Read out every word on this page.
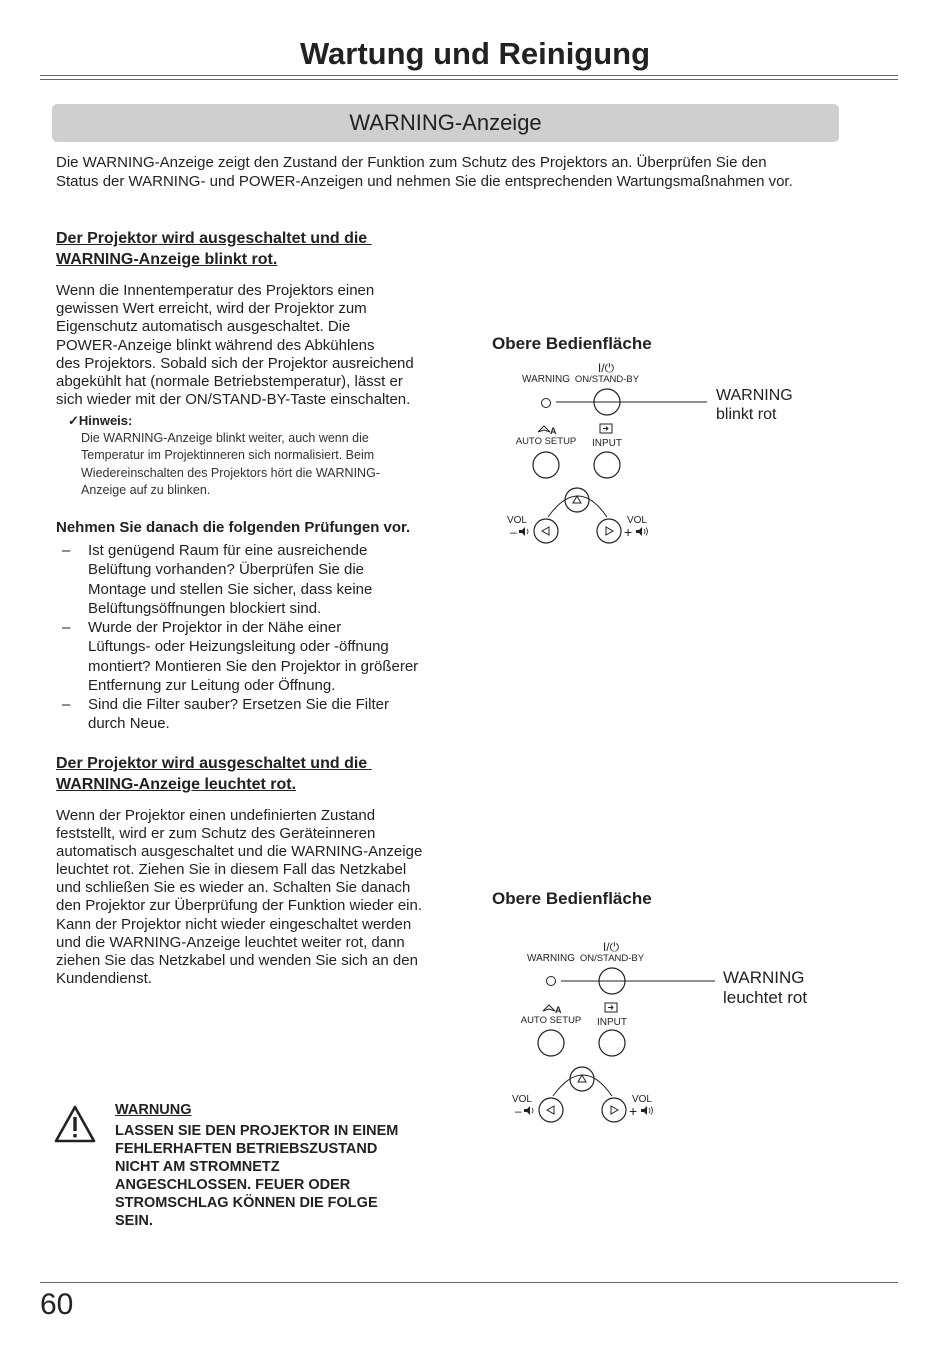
Wartung und Reinigung
WARNING-Anzeige
Die WARNING-Anzeige zeigt den Zustand der Funktion zum Schutz des Projektors an. Überprüfen Sie den
Status der WARNING- und POWER-Anzeigen und nehmen Sie die entsprechenden Wartungsmaßnahmen vor.
Der Projektor wird ausgeschaltet und die
WARNING-Anzeige blinkt rot.
Wenn die Innentemperatur des Projektors einen
gewissen Wert erreicht, wird der Projektor zum
Eigenschutz automatisch ausgeschaltet. Die
POWER-Anzeige blinkt während des Abkühlens
des Projektors. Sobald sich der Projektor ausreichend
abgekühlt hat (normale Betriebstemperatur), lässt er
sich wieder mit der ON/STAND-BY-Taste einschalten.
✓Hinweis:
Die WARNING-Anzeige blinkt weiter, auch wenn die
Temperatur im Projektinneren sich normalisiert. Beim
Wiedereinschalten des Projektors hört die WARNING-
Anzeige auf zu blinken.
Nehmen Sie danach die folgenden Prüfungen vor.
– Ist genügend Raum für eine ausreichende
Belüftung vorhanden? Überprüfen Sie die
Montage und stellen Sie sicher, dass keine
Belüftungsöffnungen blockiert sind.
– Wurde der Projektor in der Nähe einer
Lüftungs- oder Heizungsleitung oder -öffnung
montiert? Montieren Sie den Projektor in größerer
Entfernung zur Leitung oder Öffnung.
– Sind die Filter sauber? Ersetzen Sie die Filter
durch Neue.
Der Projektor wird ausgeschaltet und die
WARNING-Anzeige leuchtet rot.
Wenn der Projektor einen undefinierten Zustand
feststellt, wird er zum Schutz des Geräteinneren
automatisch ausgeschaltet und die WARNING-Anzeige
leuchtet rot. Ziehen Sie in diesem Fall das Netzkabel
und schließen Sie es wieder an. Schalten Sie danach
den Projektor zur Überprüfung der Funktion wieder ein.
Kann der Projektor nicht wieder eingeschaltet werden
und die WARNING-Anzeige leuchtet weiter rot, dann
ziehen Sie das Netzkabel und wenden Sie sich an den
Kundendienst.
Obere Bedienfläche
I/⏻
WARNING ON/STAND-BY
A
AUTO SETUP INPUT
VOL
–
VOL
+
WARNING
blinkt rot
Obere Bedienfläche
I/⏻
WARNING ON/STAND-BY
A
AUTO SETUP INPUT
VOL
–
VOL
+
WARNING
leuchtet rot
WARNUNG
LASSEN SIE DEN PROJEKTOR IN EINEM
FEHLERHAFTEN BETRIEBSZUSTAND
NICHT AM STROMNETZ
ANGESCHLOSSEN. FEUER ODER
STROMSCHLAG KÖNNEN DIE FOLGE
SEIN.
60
